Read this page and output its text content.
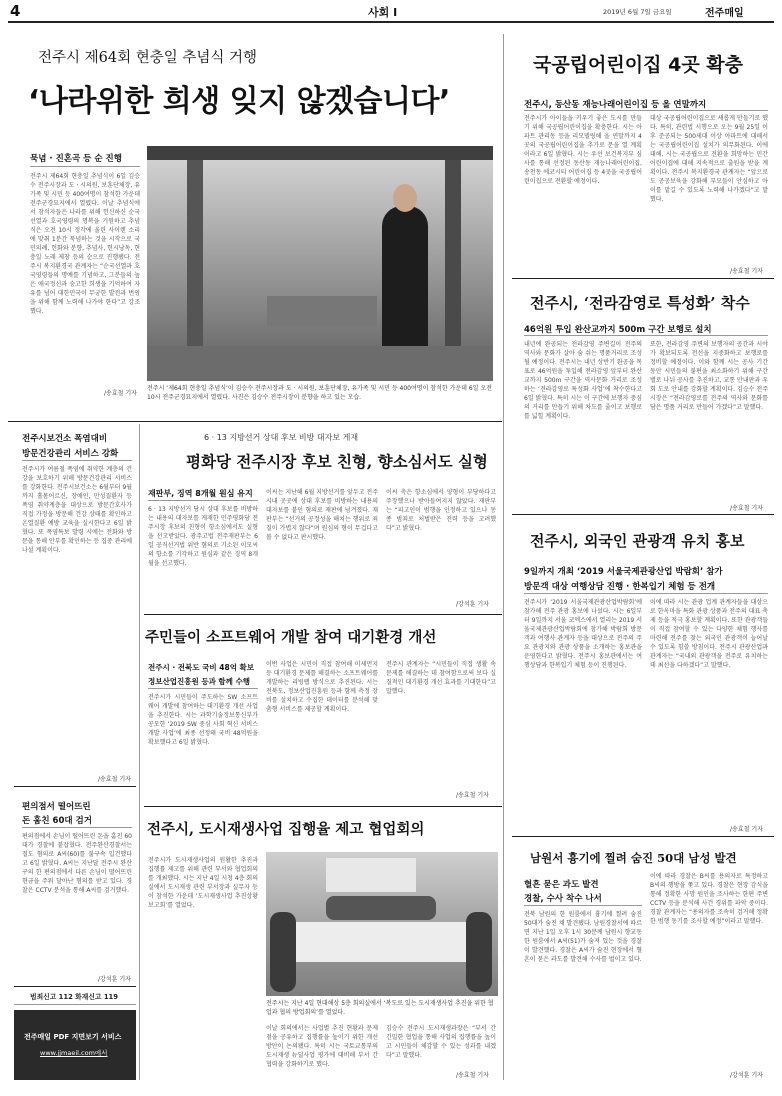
4	사회 I	2019년 6월 7일 금요일	전주매일
전주시 제64회 현충일 추념식 거행
‘나라위한 희생 잊지 않겠습니다’
묵념 · 진혼곡 등 순 진행
전주시 제64회 현충일 추념식이 6일 김승수 전주시장과 도 · 시의원, 보훈단체장, 유가족 및 시민 등 400여명이 참석한 가운데 전주군경묘지에서 열렸다. 이날 추념식에서 참석자들은 나라를 위해 헌신하신 순국선열과 호국영령의 명복을 기원하고 추념식은 오전 10시 정각에 울린 사이렌 소리에 맞춰 1분간 묵념하는 것을 시작으로 국민의례, 헌화와 분향, 추념사, 헌시낭독, 현충일 노래 제창 등의 순으로 진행됐다. 전주시 복지환경국 관계자는 “순국선열과 호국영령들의 명예를 기념하고, 그분들의 높은 애국정신과 숭고한 희생을 기억하여 자유를 넘어 대한민국이 무궁한 발전과 번영을 위해 함께 노력해 나가야 한다”고 강조했다.
/송효철 기자
전주시 ‘제64회 현충일 추념식’이 김승수 전주시장과 도 · 시의원, 보훈단체장, 유가족 및 시민 등 400여명이 참석한 가운데 6일 오전 10시 전주군경묘지에서 열렸다. 사진은 김승수 전주시장이 분향을 하고 있는 모습.
국공립어린이집 4곳 확충
전주시, 동산동 재능나래어린이집 등 올 연말까지
전주시가 아이들을 키우기 좋은 도시를 만들기 위해 국공립어린이집을 확충한다. 시는 아파트 관리동 등을 리모델링해 올 연말까지 4곳의 국공립어린이집을 추가로 문을 열 계획이라고 6일 밝혔다. 시는 우선 보건복지부 심사를 통해 선정된 동산동 재능나래어린이집, 송천동 에코시티 어린이집 등 4곳을 국공립어린이집으로 전환할 예정이다.
대상 국공립어린이집으로 새롭게 만들기로 했다. 특히, 관련법 시행으로 오는 9월 25일 이후 준공되는 500세대 이상 아파트에 대해서는 국공립어린이집 설치가 의무화된다. 이에 대해, 시는 국공립으로 전환을 희망하는 민간어린이집에 대해 지속적으로 출원을 받을 계획이다. 전주시 복지환경국 관계자는 “앞으로도 공공보육을 강화해 부모들이 안심하고 아이를 맡길 수 있도록 노력해 나가겠다”고 말했다.
/송효철 기자
전주시, ‘전라감영로 특성화’ 착수
46억원 투입 완산교까지 500m 구간 보행로 설치
내년에 완공되는 전라감영 주변길이 전주의 역사와 문화가 살아 숨 쉬는 명품거리로 조성될 예정이다. 전주시는 내년 상반기 완공을 목표로 46억원을 투입해 전라감영 앞부터 완산교까지 500m 구간을 역사문화 거리로 조성하는 ‘전라감영로 특성화 사업’에 착수한다고 6일 밝혔다. 특히 시는 이 구간에 보행자 중심의 거리를 만들기 위해 차도를 줄이고 보행로를 넓힐 계획이다.
또한, 전라감영 주변의 보행자의 공간과 시야가 확보되도록 전선을 지중화하고 보행로를 정비할 예정이다. 이와 함께 시는 공사 기간 동안 시민들의 불편을 최소화하기 위해 구간별로 나눠 공사를 추진하고, 교통 안내판과 우회 도로 안내를 강화할 계획이다. 김승수 전주시장은 “전라감영로를 전주의 역사와 문화를 담은 명품 거리로 만들어 가겠다”고 말했다.
/송효철 기자
전주시, 외국인 관광객 유치 홍보
9일까지 개최 ‘2019 서울국제관광산업 박람회’ 참가
방문객 대상 여행상담 진행 · 한복입기 체험 등 전개
전주시가 ‘2019 서울국제관광산업박람회’에 참가해 전주 관광 홍보에 나섰다. 시는 6일부터 9일까지 서울 코엑스에서 열리는 2019 서울국제관광산업박람회에 참가해 박람회 방문객과 여행사 관계자 등을 대상으로 전주의 주요 관광지와 관광 상품을 소개하는 홍보관을 운영한다고 밝혔다. 전주시 홍보관에서는 여행상담과 한복입기 체험 등이 진행된다.
이에 따라 시는 관광 업계 관계자들을 대상으로 한옥마을 특화 관광 상품과 전주의 대표 축제 등을 적극 홍보할 계획이다. 또한 관광객들이 직접 참여할 수 있는 다양한 체험 행사를 마련해 전주를 찾는 외국인 관광객이 늘어날 수 있도록 힘쓸 방침이다. 전주시 관광산업과 관계자는 “국내외 관광객을 전주로 유치하는 데 최선을 다하겠다”고 말했다.
/송효철 기자
남원서 흉기에 찔려 숨진 50대 남성 발견
혈흔 묻은 과도 발견
경찰, 수사 착수 나서
전북 남원의 한 원룸에서 흉기에 찔려 숨진 50대가 숨진 채 발견됐다. 남원경찰서에 따르면 지난 1일 오후 1시 30분께 남원시 향교동 한 원룸에서 A씨(51)가 숨져 있는 것을 경찰이 발견했다. 경찰은 A씨가 숨진 현장에서 혈흔이 묻은 과도를 발견해 수사를 벌이고 있다.
이에 따라 경찰은 B씨를 용의자로 특정하고 B씨의 행방을 쫓고 있다. 경찰은 현장 감식을 통해 정확한 사망 원인을 조사하는 한편 주변 CCTV 등을 분석해 사건 경위를 파악 중이다. 경찰 관계자는 “용의자를 조속히 검거해 정확한 범행 동기를 조사할 예정”이라고 말했다.
/강석훈 기자
전주시보건소 폭염대비
방문건강관리 서비스 강화
전주시가 여름철 폭염에 취약한 계층의 건강을 보호하기 위해 방문건강관리 서비스를 강화한다. 전주시보건소는 6월부터 9월까지 홀몸어르신, 장애인, 만성질환자 등 폭염 취약계층을 대상으로 방문간호사가 직접 가정을 방문해 건강 상태를 확인하고 온열질환 예방 교육을 실시한다고 6일 밝혔다. 또 폭염특보 발령 시에는 전화와 방문을 통해 안부를 확인하는 등 집중 관리에 나설 계획이다.
/송효철 기자
편의점서 떨어뜨린
돈 훔친 60대 검거
편의점에서 손님이 떨어뜨린 돈을 훔친 60대가 경찰에 붙잡혔다. 전주완산경찰서는 절도 혐의로 A씨(60)를 불구속 입건했다고 6일 밝혔다. A씨는 지난달 전주시 완산구의 한 편의점에서 다른 손님이 떨어뜨린 현금을 주워 달아난 혐의를 받고 있다. 경찰은 CCTV 분석을 통해 A씨를 검거했다.
/강석훈 기자
범죄신고 112 화재신고 119
전주매일 PDF 지면보기 서비스
www.jjmaeil.com에서
6 · 13 지방선거 상대 후보 비방 대자보 게재
평화당 전주시장 후보 친형, 향소심서도 실형
재판부, 징역 8개월 원심 유지
6 · 13 지방선거 당시 상대 후보를 비방하는 내용의 대자보를 게재한 민주평화당 전주시장 후보의 친형이 항소심에서도 실형을 선고받았다. 광주고법 전주재판부는 6일 공직선거법 위반 혐의로 기소된 이모씨의 항소를 기각하고 원심과 같은 징역 8개월을 선고했다.
이씨는 지난해 6월 지방선거를 앞두고 전주시내 곳곳에 상대 후보를 비방하는 내용의 대자보를 붙인 혐의로 재판에 넘겨졌다. 재판부는 “선거의 공정성을 해치는 행위로 죄질이 가볍지 않다”며 원심의 형이 무겁다고 볼 수 없다고 판시했다.
이씨 측은 항소심에서 양형이 부당하다고 주장했으나 받아들여지지 않았다. 재판부는 “피고인이 범행을 인정하고 있으나 동종 범죄로 처벌받은 전력 등을 고려했다”고 밝혔다.
/강석훈 기자
주민들이 소프트웨어 개발 참여 대기환경 개선
전주시 · 전북도 국비 48억 확보
정보산업진흥원 등과 함께 수행
전주시가 시민들이 주도하는 SW 소프트웨어 개발에 참여하는 대기환경 개선 사업을 추진한다. 시는 과학기술정보통신부가 공모한 ‘2019 SW 중심 사회 혁신 서비스 개발 사업’에 최종 선정돼 국비 48억원을 확보했다고 6일 밝혔다.
이번 사업은 시민이 직접 참여해 미세먼지 등 대기환경 문제를 해결하는 소프트웨어를 개발하는 리빙랩 방식으로 추진된다. 시는 전북도, 정보산업진흥원 등과 함께 측정 장비를 설치하고 수집한 데이터를 분석해 맞춤형 서비스를 제공할 계획이다.
전주시 관계자는 “시민들이 직접 생활 속 문제를 해결하는 데 참여함으로써 보다 실질적인 대기환경 개선 효과를 기대한다”고 말했다.
/송효철 기자
전주시, 도시재생사업 집행율 제고 협업회의
전주시가 도시재생사업의 원활한 추진과 집행률 제고를 위해 관련 부서와 협업회의를 개최했다. 시는 지난 4일 시청 4층 회의실에서 도시재생 관련 부서장과 실무자 등이 참석한 가운데 ‘도시재생사업 추진상황 보고회’를 열었다.
전주시는 지난 4일 현대해상 5층 회의실에서 ‘복도로 있는 도시재생사업 추진을 위한 협업과 협의 방업회의’를 열었다.
이날 회의에서는 사업별 추진 현황과 문제점을 공유하고 집행률을 높이기 위한 개선 방안이 논의됐다. 특히 시는 국토교통부의 도시재생 뉴딜사업 평가에 대비해 부서 간 협력을 강화하기로 했다.
김승수 전주시 도시재생과장은 “부서 간 긴밀한 협업을 통해 사업의 집행률을 높이고 시민들이 체감할 수 있는 성과를 내겠다”고 말했다.
/송효철 기자
